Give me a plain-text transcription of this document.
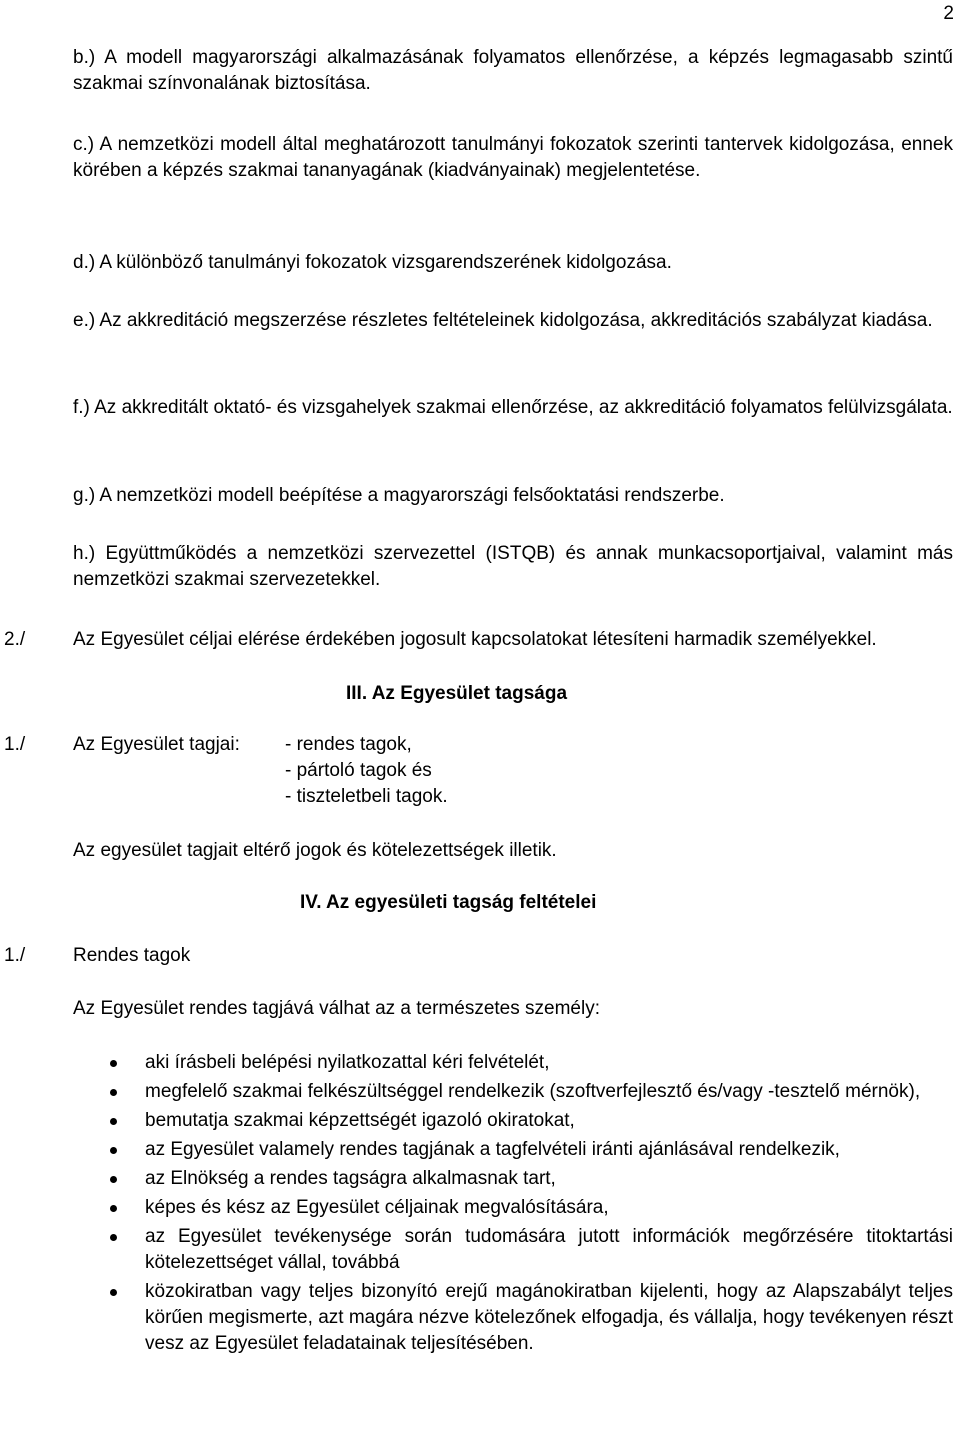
2
b.) A modell magyarországi alkalmazásának folyamatos ellenőrzése, a képzés legmagasabb szintű szakmai színvonalának biztosítása.
c.) A nemzetközi modell által meghatározott tanulmányi fokozatok szerinti tantervek kidolgozása, ennek körében a képzés szakmai tananyagának (kiadványainak) megjelentetése.
d.) A különböző tanulmányi fokozatok vizsgarendszerének kidolgozása.
e.) Az akkreditáció megszerzése részletes feltételeinek kidolgozása, akkreditációs szabályzat kiadása.
f.) Az akkreditált oktató- és vizsgahelyek szakmai ellenőrzése, az akkreditáció folyamatos felülvizsgálata.
g.) A nemzetközi modell beépítése a magyarországi felsőoktatási rendszerbe.
h.) Együttműködés a nemzetközi szervezettel (ISTQB) és annak munkacsoportjaival, valamint más nemzetközi szakmai szervezetekkel.
2./	Az Egyesület céljai elérése érdekében jogosult kapcsolatokat létesíteni harmadik személyekkel.
III. Az Egyesület tagsága
1./	Az Egyesület tagjai:	- rendes tagok,
- pártoló tagok és
- tiszteletbeli tagok.
Az egyesület tagjait eltérő jogok és kötelezettségek illetik.
IV. Az egyesületi tagság feltételei
1./	Rendes tagok
Az Egyesület rendes tagjává válhat az a természetes személy:
aki írásbeli belépési nyilatkozattal kéri felvételét,
megfelelő szakmai felkészültséggel rendelkezik (szoftverfejlesztő és/vagy -tesztelő mérnök),
bemutatja szakmai képzettségét igazoló okiratokat,
az Egyesület valamely rendes tagjának a tagfelvételi iránti ajánlásával rendelkezik,
az Elnökség a rendes tagságra alkalmasnak tart,
képes és kész az Egyesület céljainak megvalósítására,
az Egyesület tevékenysége során tudomására jutott információk megőrzésére titoktartási kötelezettséget vállal, továbbá
közokiratban vagy teljes bizonyító erejű magánokiratban kijelenti, hogy az Alapszabályt teljes körűen megismerte, azt magára nézve kötelezőnek elfogadja, és vállalja, hogy tevékenyen részt vesz az Egyesület feladatainak teljesítésében.
